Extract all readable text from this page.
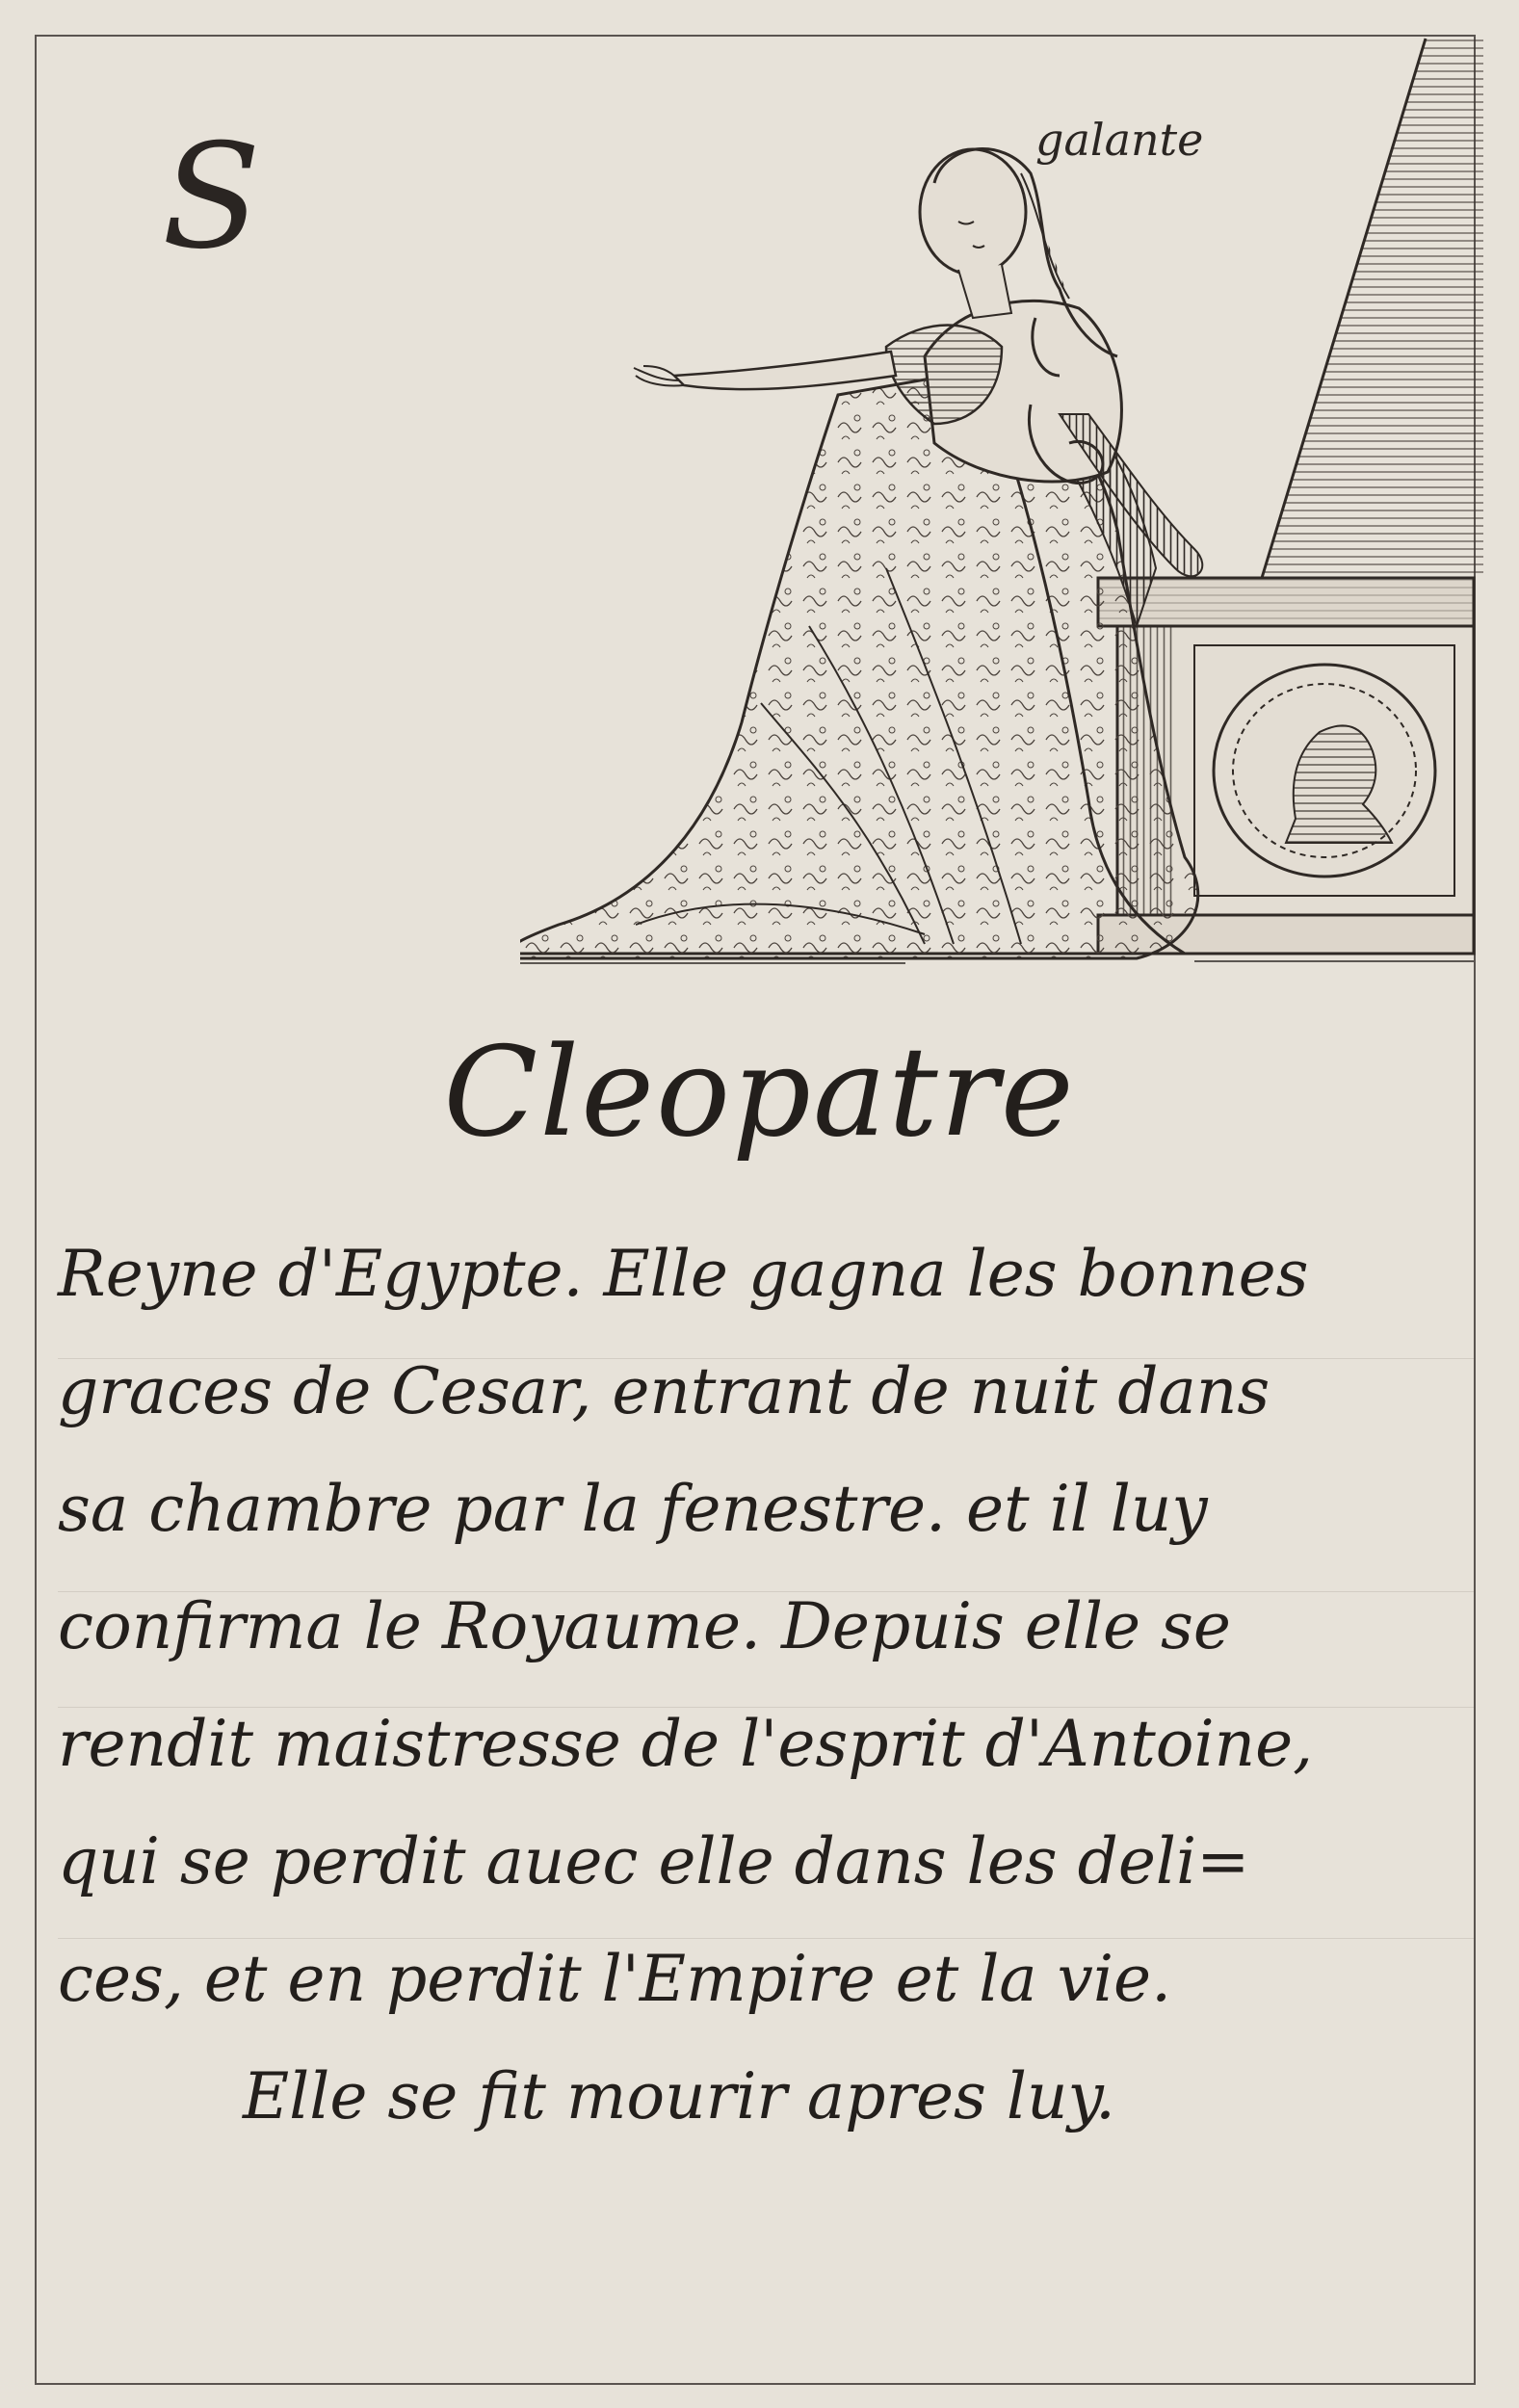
S	galante
Cleopatre
Reyne d'Egypte. Elle gagna les bonnes
graces de Cesar, entrant de nuit dans
sa chambre par la fenestre. et il luy
confirma le Royaume. Depuis elle se
rendit maistresse de l'esprit d'Antoine,
qui se perdit auec elle dans les deli=
ces, et en perdit l'Empire et la vie.
Elle se fit mourir apres luy.
